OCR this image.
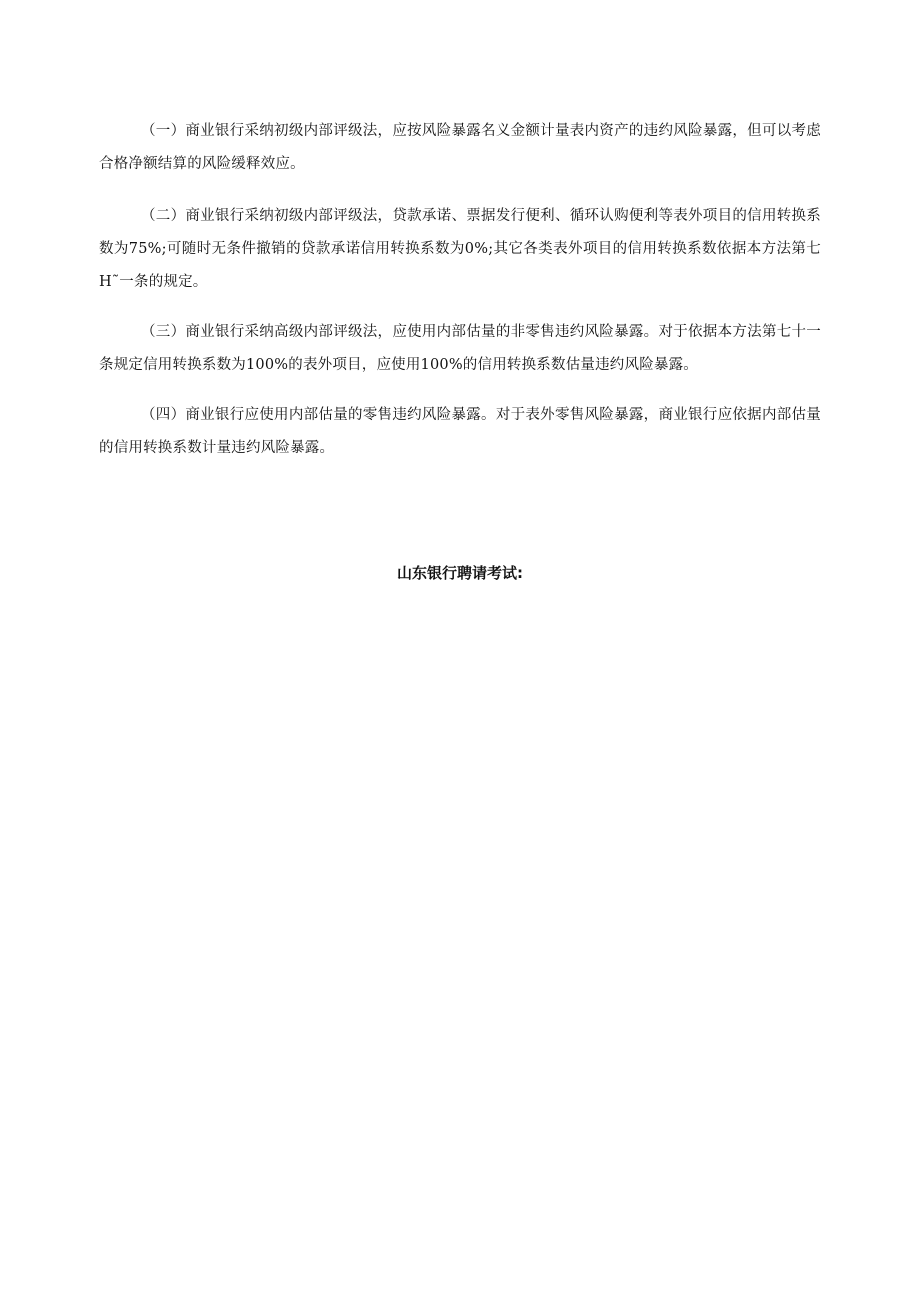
（一）商业银行采纳初级内部评级法，应按风险暴露名义金额计量表内资产的违约风险暴露，但可以考虑合格净额结算的风险缓释效应。

（二）商业银行采纳初级内部评级法，贷款承诺、票据发行便利、循环认购便利等表外项目的信用转换系数为75%;可随时无条件撤销的贷款承诺信用转换系数为0%;其它各类表外项目的信用转换系数依据本方法第七H˜一条的规定。

（三）商业银行采纳高级内部评级法，应使用内部估量的非零售违约风险暴露。对于依据本方法第七十一条规定信用转换系数为100%的表外项目，应使用100%的信用转换系数估量违约风险暴露。

（四）商业银行应使用内部估量的零售违约风险暴露。对于表外零售风险暴露，商业银行应依据内部估量的信用转换系数计量违约风险暴露。

山东银行聘请考试:
